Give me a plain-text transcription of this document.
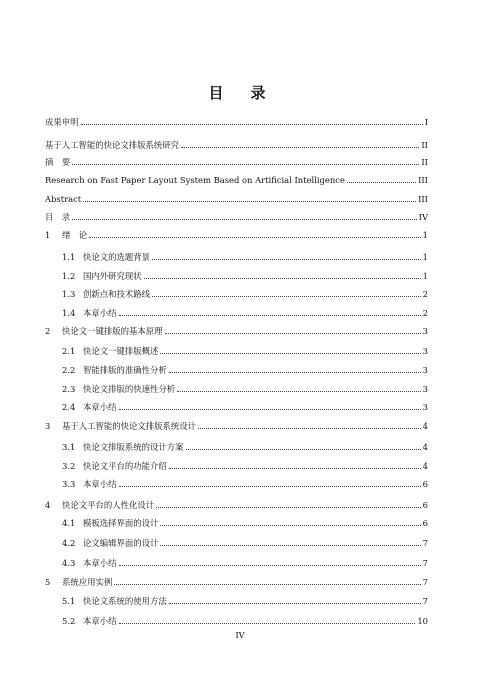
目　录
成果申明	I
基于人工智能的快论文排版系统研究	II
摘　要	II
Research on Fast Paper Layout System Based on Artificial Intelligence	III
Abstract	III
目　录	IV
1	绪　论	1
1.1 快论文的选题背景	1
1.2 国内外研究现状	1
1.3 创新点和技术路线	2
1.4 本章小结	2
2	快论文一键排版的基本原理	3
2.1 快论文一键排版概述	3
2.2 智能排版的准确性分析	3
2.3 快论文排版的快速性分析	3
2.4 本章小结	3
3	基于人工智能的快论文排版系统设计	4
3.1 快论文排版系统的设计方案	4
3.2 快论文平台的功能介绍	4
3.3 本章小结	6
4	快论文平台的人性化设计	6
4.1 模板选择界面的设计	6
4.2 论文编辑界面的设计	7
4.3 本章小结	7
5	系统应用实例	7
5.1 快论文系统的使用方法	7
5.2 本章小结	10
IV
